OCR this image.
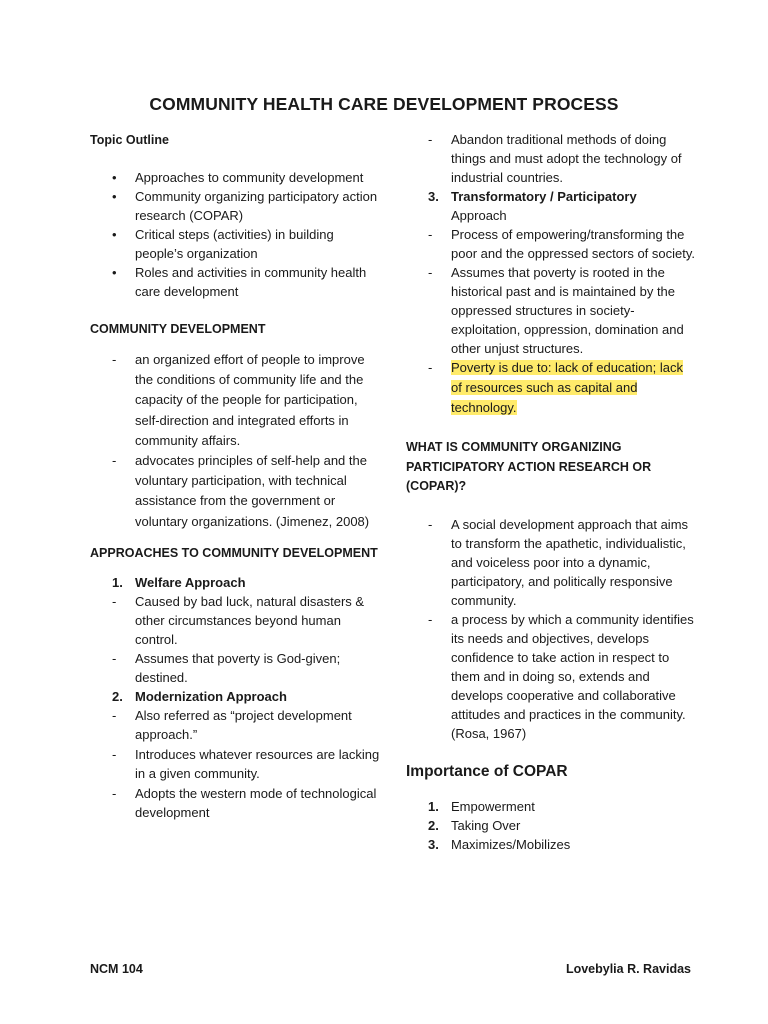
COMMUNITY HEALTH CARE DEVELOPMENT PROCESS

Topic Outline

• Approaches to community development
• Community organizing participatory action research (COPAR)
• Critical steps (activities) in building people’s organization
• Roles and activities in community health care development

COMMUNITY DEVELOPMENT

- an organized effort of people to improve the conditions of community life and the capacity of the people for participation, self-direction and integrated efforts in community affairs.
- advocates principles of self-help and the voluntary participation, with technical assistance from the government or voluntary organizations. (Jimenez, 2008)

APPROACHES TO COMMUNITY DEVELOPMENT

1. Welfare Approach
- Caused by bad luck, natural disasters & other circumstances beyond human control.
- Assumes that poverty is God-given; destined.
2. Modernization Approach
- Also referred as “project development approach.”
- Introduces whatever resources are lacking in a given community.
- Adopts the western mode of technological development
- Abandon traditional methods of doing things and must adopt the technology of industrial countries.
3. Transformatory / Participatory
Approach
- Process of empowering/transforming the poor and the oppressed sectors of society.
- Assumes that poverty is rooted in the historical past and is maintained by the oppressed structures in society- exploitation, oppression, domination and other unjust structures.
- Poverty is due to: lack of education; lack of resources such as capital and technology.

WHAT IS COMMUNITY ORGANIZING PARTICIPATORY ACTION RESEARCH OR (COPAR)?

- A social development approach that aims to transform the apathetic, individualistic, and voiceless poor into a dynamic, participatory, and politically responsive community.
- a process by which a community identifies its needs and objectives, develops confidence to take action in respect to them and in doing so, extends and develops cooperative and collaborative attitudes and practices in the community. (Rosa, 1967)

Importance of COPAR

1. Empowerment
2. Taking Over
3. Maximizes/Mobilizes
NCM 104	Lovebylia R. Ravidas
